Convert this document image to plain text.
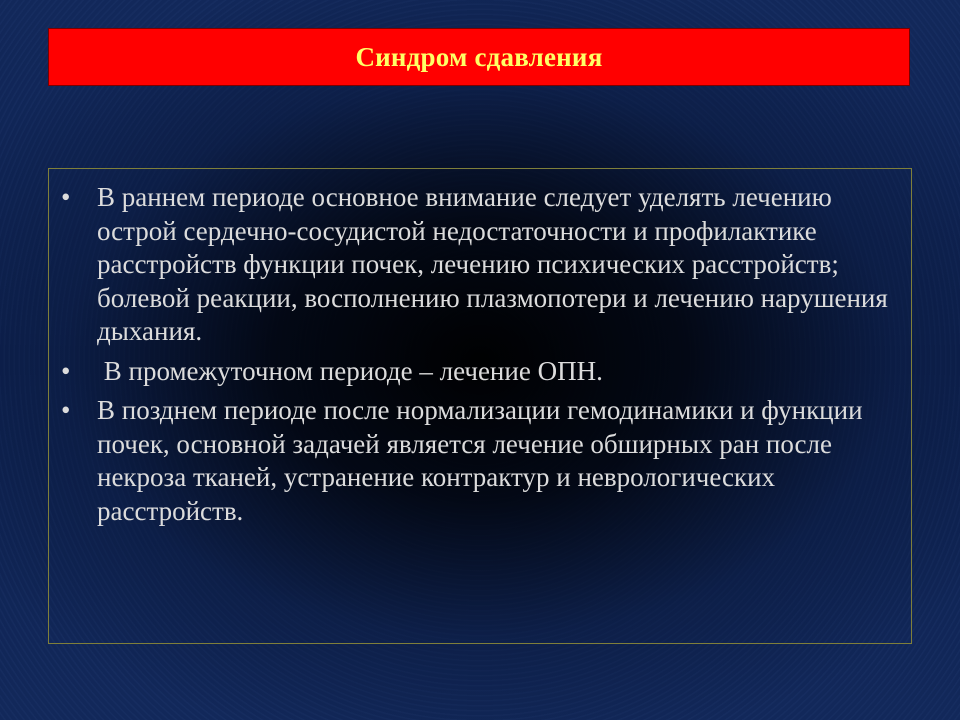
Синдром сдавления
• В раннем периоде основное внимание следует уделять лечению острой сердечно-сосудистой недостаточности и профилактике расстройств функции почек, лечению психических расстройств; болевой реакции, восполнению плазмопотери и лечению нарушения дыхания.
• В промежуточном периоде – лечение ОПН.
• В позднем периоде после нормализации гемодинамики и функции почек, основной задачей является лечение обширных ран после некроза тканей, устранение контрактур и неврологических расстройств.
